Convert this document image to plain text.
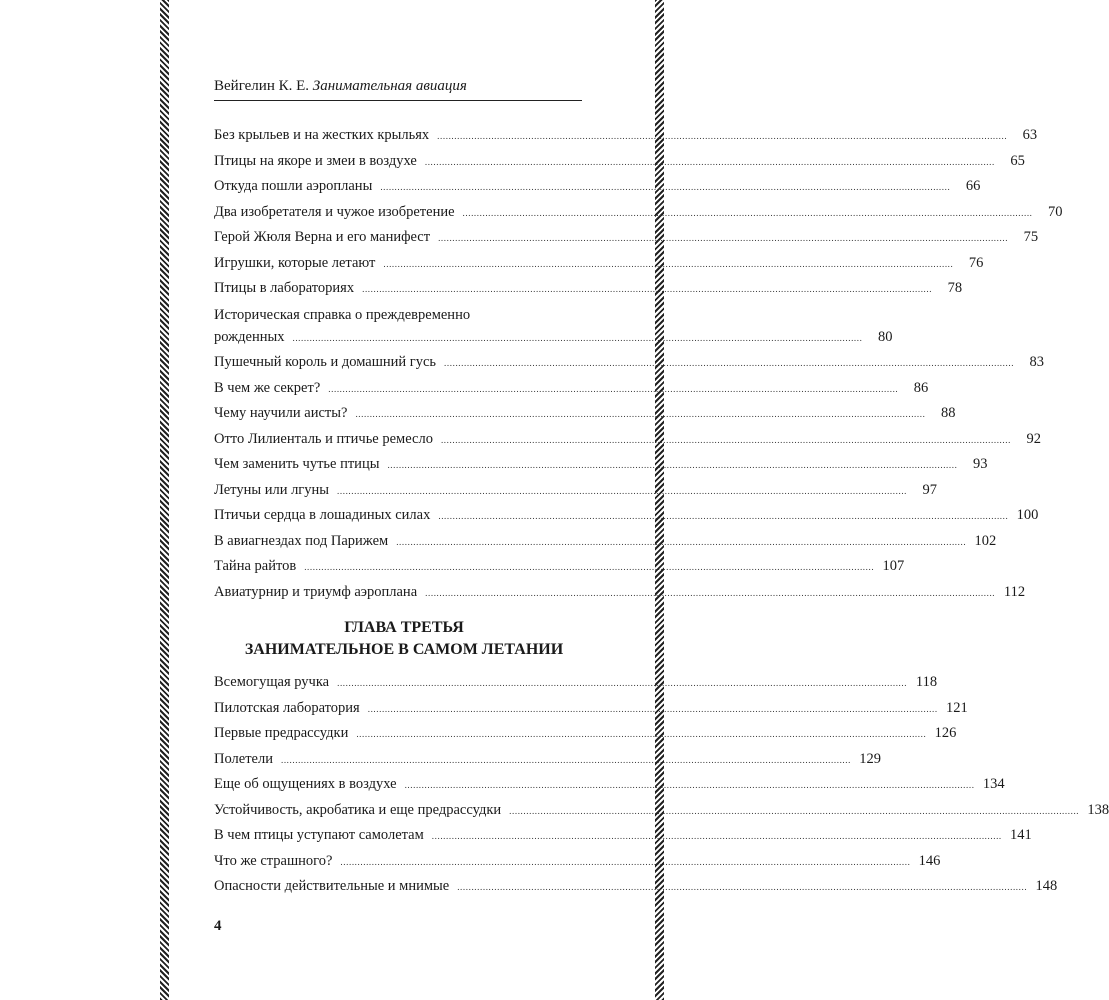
Вейгелин К. Е. Занимательная авиация
Без крыльев и на жестких крыльях ........................................................................................................................................................................................................	63
Птицы на якоре и змеи в воздухе ........................................................................................................................................................................................................	65
Откуда пошли аэропланы ........................................................................................................................................................................................................	66
Два изобретателя и чужое изобретение ........................................................................................................................................................................................................	70
Герой Жюля Верна и его манифест ........................................................................................................................................................................................................	75
Игрушки, которые летают ........................................................................................................................................................................................................	76
Птицы в лабораториях ........................................................................................................................................................................................................	78
Историческая справка о преждевременно
рожденных ........................................................................................................................................................................................................	80
Пушечный король и домашний гусь ........................................................................................................................................................................................................	83
В чем же секрет? ........................................................................................................................................................................................................	86
Чему научили аисты? ........................................................................................................................................................................................................	88
Отто Лилиенталь и птичье ремесло ........................................................................................................................................................................................................	92
Чем заменить чутье птицы ........................................................................................................................................................................................................	93
Летуны или лгуны ........................................................................................................................................................................................................	97
Птичьи сердца в лошадиных силах ........................................................................................................................................................................................................ 100
В авиагнездах под Парижем ........................................................................................................................................................................................................ 102
Тайна райтов ........................................................................................................................................................................................................ 107
Авиатурнир и триумф аэроплана ........................................................................................................................................................................................................ 112
ГЛАВА ТРЕТЬЯ
ЗАНИМАТЕЛЬНОЕ В САМОМ ЛЕТАНИИ
Всемогущая ручка ........................................................................................................................................................................................................ 118
Пилотская лаборатория ........................................................................................................................................................................................................ 121
Первые предрассудки ........................................................................................................................................................................................................ 126
Полетели ........................................................................................................................................................................................................ 129
Еще об ощущениях в воздухе ........................................................................................................................................................................................................ 134
Устойчивость, акробатика и еще предрассудки ........................................................................................................................................................................................................ 138
В чем птицы уступают самолетам ........................................................................................................................................................................................................ 141
Что же страшного? ........................................................................................................................................................................................................ 146
Опасности действительные и мнимые ........................................................................................................................................................................................................ 148
4
